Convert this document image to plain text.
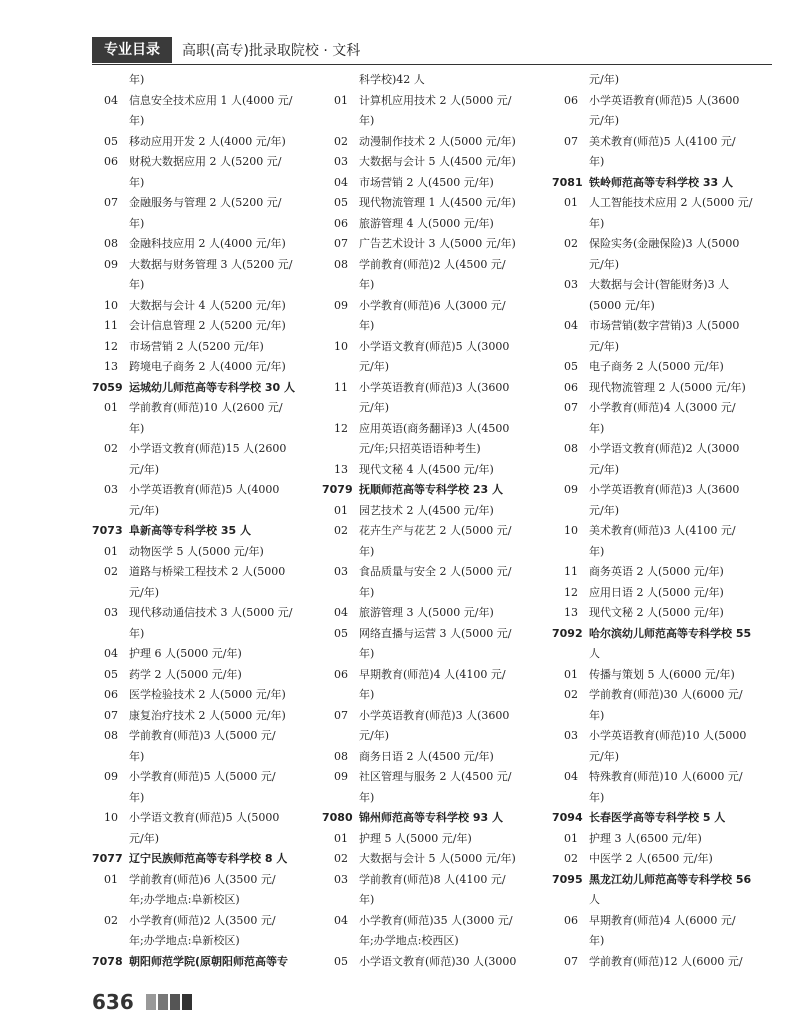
专业目录	高职(高专)批录取院校 · 文科
年)
04	信息安全技术应用 1 人(4000 元/
年)
05	移动应用开发 2 人(4000 元/年)
06	财税大数据应用 2 人(5200 元/
年)
07	金融服务与管理 2 人(5200 元/
年)
08	金融科技应用 2 人(4000 元/年)
09	大数据与财务管理 3 人(5200 元/
年)
10	大数据与会计 4 人(5200 元/年)
11	会计信息管理 2 人(5200 元/年)
12	市场营销 2 人(5200 元/年)
13	跨境电子商务 2 人(4000 元/年)
7059 运城幼儿师范高等专科学校 30 人
01	学前教育(师范)10 人(2600 元/
年)
02	小学语文教育(师范)15 人(2600
元/年)
03	小学英语教育(师范)5 人(4000
元/年)
7073 阜新高等专科学校 35 人
01	动物医学 5 人(5000 元/年)
02	道路与桥梁工程技术 2 人(5000
元/年)
03	现代移动通信技术 3 人(5000 元/
年)
04	护理 6 人(5000 元/年)
05	药学 2 人(5000 元/年)
06	医学检验技术 2 人(5000 元/年)
07	康复治疗技术 2 人(5000 元/年)
08	学前教育(师范)3 人(5000 元/
年)
09	小学教育(师范)5 人(5000 元/
年)
10	小学语文教育(师范)5 人(5000
元/年)
7077 辽宁民族师范高等专科学校 8 人
01	学前教育(师范)6 人(3500 元/
年;办学地点:阜新校区)
02	小学教育(师范)2 人(3500 元/
年;办学地点:阜新校区)
7078 朝阳师范学院(原朝阳师范高等专
科学校)42 人
01	计算机应用技术 2 人(5000 元/
年)
02	动漫制作技术 2 人(5000 元/年)
03	大数据与会计 5 人(4500 元/年)
04	市场营销 2 人(4500 元/年)
05	现代物流管理 1 人(4500 元/年)
06	旅游管理 4 人(5000 元/年)
07	广告艺术设计 3 人(5000 元/年)
08	学前教育(师范)2 人(4500 元/
年)
09	小学教育(师范)6 人(3000 元/
年)
10	小学语文教育(师范)5 人(3000
元/年)
11	小学英语教育(师范)3 人(3600
元/年)
12	应用英语(商务翻译)3 人(4500
元/年;只招英语语种考生)
13	现代文秘 4 人(4500 元/年)
7079 抚顺师范高等专科学校 23 人
01	园艺技术 2 人(4500 元/年)
02	花卉生产与花艺 2 人(5000 元/
年)
03	食品质量与安全 2 人(5000 元/
年)
04	旅游管理 3 人(5000 元/年)
05	网络直播与运营 3 人(5000 元/
年)
06	早期教育(师范)4 人(4100 元/
年)
07	小学英语教育(师范)3 人(3600
元/年)
08	商务日语 2 人(4500 元/年)
09	社区管理与服务 2 人(4500 元/
年)
7080 锦州师范高等专科学校 93 人
01	护理 5 人(5000 元/年)
02	大数据与会计 5 人(5000 元/年)
03	学前教育(师范)8 人(4100 元/
年)
04	小学教育(师范)35 人(3000 元/
年;办学地点:校西区)
05	小学语文教育(师范)30 人(3000
元/年)
06	小学英语教育(师范)5 人(3600
元/年)
07	美术教育(师范)5 人(4100 元/
年)
7081 铁岭师范高等专科学校 33 人
01	人工智能技术应用 2 人(5000 元/
年)
02	保险实务(金融保险)3 人(5000
元/年)
03	大数据与会计(智能财务)3 人
(5000 元/年)
04	市场营销(数字营销)3 人(5000
元/年)
05	电子商务 2 人(5000 元/年)
06	现代物流管理 2 人(5000 元/年)
07	小学教育(师范)4 人(3000 元/
年)
08	小学语文教育(师范)2 人(3000
元/年)
09	小学英语教育(师范)3 人(3600
元/年)
10	美术教育(师范)3 人(4100 元/
年)
11	商务英语 2 人(5000 元/年)
12	应用日语 2 人(5000 元/年)
13	现代文秘 2 人(5000 元/年)
7092 哈尔滨幼儿师范高等专科学校 55
人
01	传播与策划 5 人(6000 元/年)
02	学前教育(师范)30 人(6000 元/
年)
03	小学英语教育(师范)10 人(5000
元/年)
04	特殊教育(师范)10 人(6000 元/
年)
7094 长春医学高等专科学校 5 人
01	护理 3 人(6500 元/年)
02	中医学 2 人(6500 元/年)
7095 黑龙江幼儿师范高等专科学校 56
人
06	早期教育(师范)4 人(6000 元/
年)
07	学前教育(师范)12 人(6000 元/
636
